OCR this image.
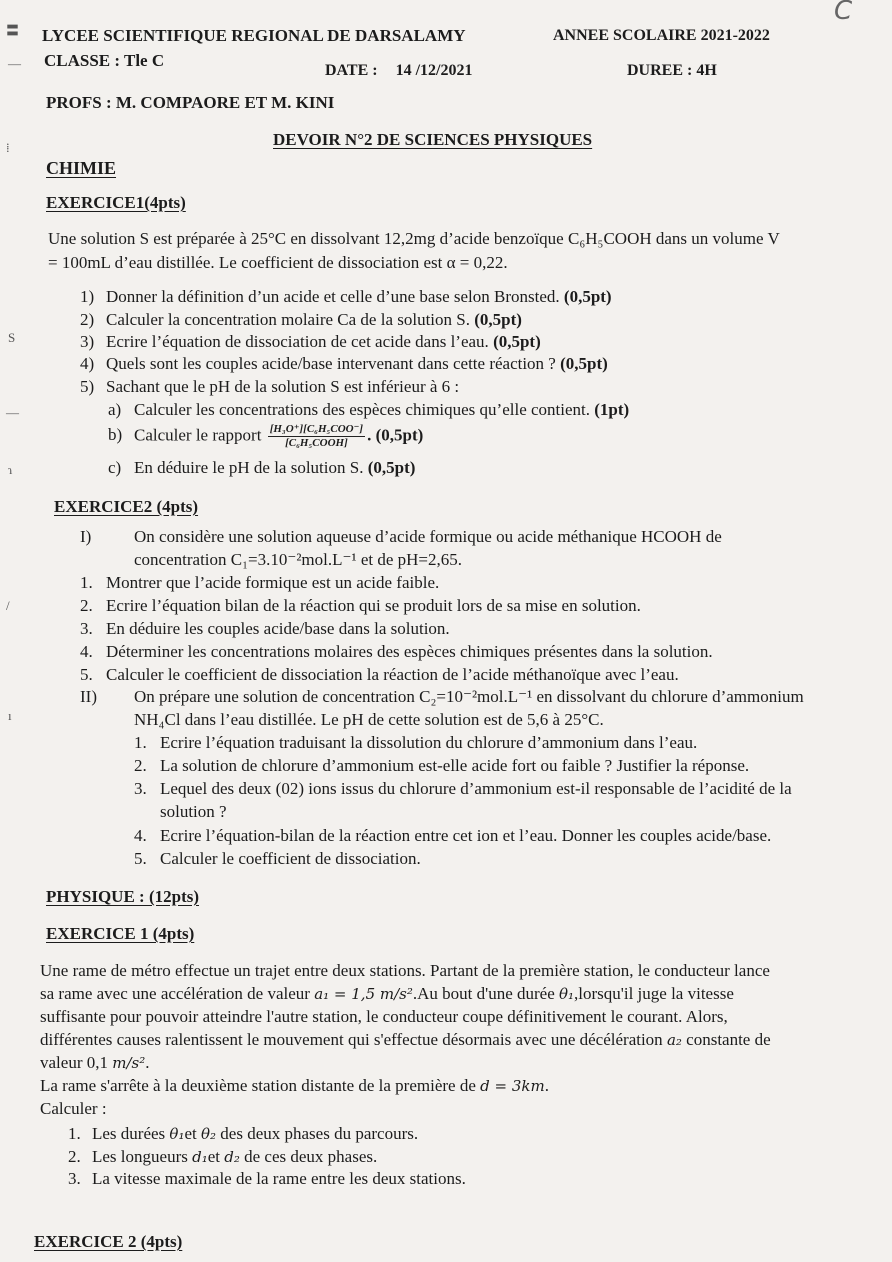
〓
—
⁞
S
—
ɿ
/
ı
C
LYCEE SCIENTIFIQUE REGIONAL DE DARSALAMY	ANNEE SCOLAIRE 2021-2022
CLASSE : Tle C
DATE : 14 /12/2021	DUREE : 4H
PROFS : M. COMPAORE ET M. KINI
DEVOIR N°2 DE SCIENCES PHYSIQUES
CHIMIE
EXERCICE1(4pts)
Une solution S est préparée à 25°C en dissolvant 12,2mg d’acide benzoïque C₆H₅COOH dans un volume V
= 100mL d’eau distillée. Le coefficient de dissociation est α = 0,22.
1) Donner la définition d’un acide et celle d’une base selon Bronsted. (0,5pt)
2) Calculer la concentration molaire Ca de la solution S. (0,5pt)
3) Ecrire l’équation de dissociation de cet acide dans l’eau. (0,5pt)
4) Quels sont les couples acide/base intervenant dans cette réaction ? (0,5pt)
5) Sachant que le pH de la solution S est inférieur à 6 :
a) Calculer les concentrations des espèces chimiques qu’elle contient. (1pt)
b) Calculer le rapport $\frac{\text{[H₃O⁺][C₆H₅COO⁻]}}{\text{[C₆H₅COOH]}}$ . (0,5pt)
c) En déduire le pH de la solution S. (0,5pt)
EXERCICE2 (4pts)
I)	On considère une solution aqueuse d’acide formique ou acide méthanique HCOOH de
concentration C₁=3.10⁻²mol.L⁻¹ et de pH=2,65.
1. Montrer que l’acide formique est un acide faible.
2. Ecrire l’équation bilan de la réaction qui se produit lors de sa mise en solution.
3. En déduire les couples acide/base dans la solution.
4. Déterminer les concentrations molaires des espèces chimiques présentes dans la solution.
5. Calculer le coefficient de dissociation la réaction de l’acide méthanoïque avec l’eau.
II) On prépare une solution de concentration C₂=10⁻²mol.L⁻¹ en dissolvant du chlorure d’ammonium
NH₄Cl dans l’eau distillée. Le pH de cette solution est de 5,6 à 25°C.
1. Ecrire l’équation traduisant la dissolution du chlorure d’ammonium dans l’eau.
2. La solution de chlorure d’ammonium est-elle acide fort ou faible ? Justifier la réponse.
3. Lequel des deux (02) ions issus du chlorure d’ammonium est-il responsable de l’acidité de la
solution ?
4. Ecrire l’équation-bilan de la réaction entre cet ion et l’eau. Donner les couples acide/base.
5. Calculer le coefficient de dissociation.
PHYSIQUE : (12pts)
EXERCICE 1 (4pts)
Une rame de métro effectue un trajet entre deux stations. Partant de la première station, le conducteur lance
sa rame avec une accélération de valeur a₁ = 1,5 m/s².Au bout d'une durée θ₁,lorsqu'il juge la vitesse
suffisante pour pouvoir atteindre l'autre station, le conducteur coupe définitivement le courant. Alors,
différentes causes ralentissent le mouvement qui s'effectue désormais avec une décélération a₂ constante de
valeur 0,1 m/s².
La rame s'arrête à la deuxième station distante de la première de d = 3km.
Calculer :
1. Les durées θ₁et θ₂ des deux phases du parcours.
2. Les longueurs d₁et d₂ de ces deux phases.
3. La vitesse maximale de la rame entre les deux stations.
EXERCICE 2 (4pts)
